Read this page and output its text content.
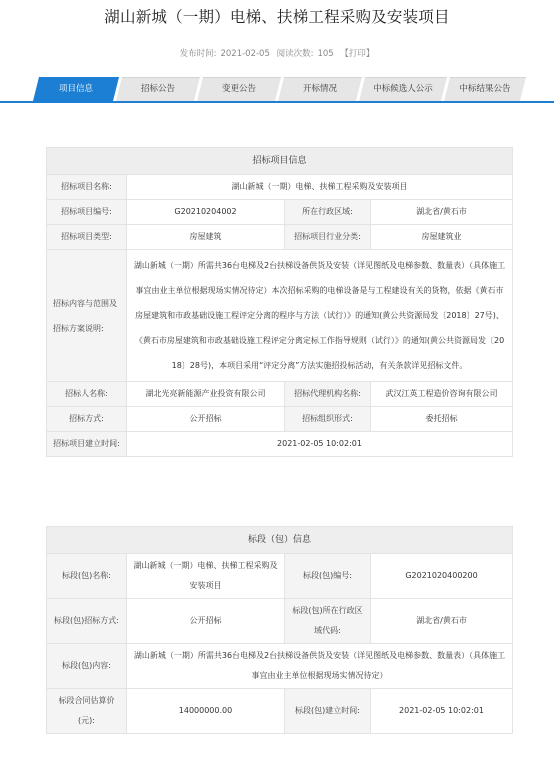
湖山新城（一期）电梯、扶梯工程采购及安装项目
发布时间: 2021-02-05 阅读次数: 105 【打印】
项目信息	招标公告	变更公告	开标情况	中标候选人公示	中标结果公告
招标项目信息			
招标项目名称:	湖山新城（一期）电梯、扶梯工程采购及安装项目		
招标项目编号:	G20210204002	所在行政区域:	湖北省/黄石市
招标项目类型:	房屋建筑	招标项目行业分类:	房屋建筑业
招标内容与范围及招标方案说明:	湖山新城（一期）所需共36台电梯及2台扶梯设备供货及安装（详见图纸及电梯参数、数量表）（具体施工事宜由业主单位根据现场实情况待定）本次招标采购的电梯设备是与工程建设有关的货物，依据《黄石市房屋建筑和市政基础设施工程评定分离的程序与方法（试行）》的通知(黄公共资源局发〔2018〕27号)、《黄石市房屋建筑和市政基础设施工程评定分离定标工作指导规则（试行）》的通知(黄公共资源局发〔2018〕28号)，本项目采用“评定分离”方法实施招投标活动，有关条款详见招标文件。		
招标人名称:	湖北光亮新能源产业投资有限公司	招标代理机构名称:	武汉江英工程造价咨询有限公司
招标方式:	公开招标	招标组织形式:	委托招标
招标项目建立时间:	2021-02-05 10:02:01		
标段（包）信息			
标段(包)名称:	湖山新城（一期）电梯、扶梯工程采购及安装项目	标段(包)编号:	G2021020400200
标段(包)招标方式:	公开招标	标段(包)所在行政区域代码:	湖北省/黄石市
标段(包)内容:	湖山新城（一期）所需共36台电梯及2台扶梯设备供货及安装（详见图纸及电梯参数、数量表）（具体施工事宜由业主单位根据现场实情况待定）		
标段合同估算价(元):	14000000.00	标段(包)建立时间:	2021-02-05 10:02:01
